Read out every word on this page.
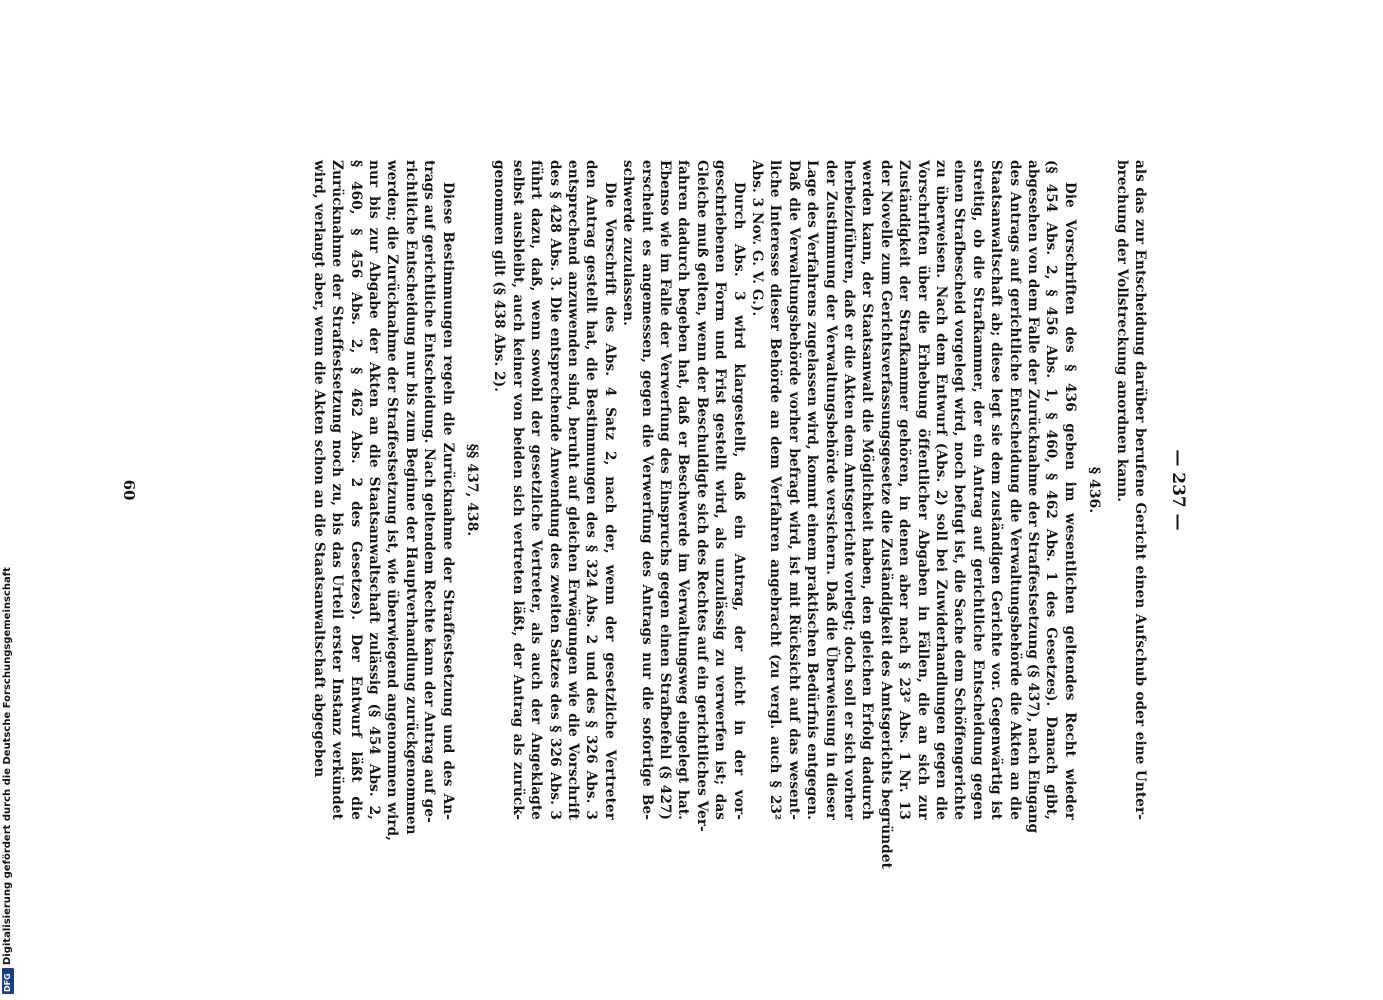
— 237 —
als das zur Entscheidung darüber berufene Gericht einen Aufschub oder eine Unter-
brechung der Vollstreckung anordnen kann.
§ 436.
Die Vorschriften des § 436 geben im wesentlichen geltendes Recht wieder
(§ 454 Abs. 2, § 456 Abs. 1, § 460, § 462 Abs. 1 des Gesetzes). Danach gibt,
abgesehen von dem Falle der Zurücknahme der Straffestsetzung (§ 437), nach Eingang
des Antrags auf gerichtliche Entscheidung die Verwaltungsbehörde die Akten an die
Staatsanwaltschaft ab; diese legt sie dem zuständigen Gerichte vor. Gegenwärtig ist
streitig, ob die Strafkammer, der ein Antrag auf gerichtliche Entscheidung gegen
einen Strafbescheid vorgelegt wird, noch befugt ist, die Sache dem Schöffengerichte
zu überweisen. Nach dem Entwurf (Abs. 2) soll bei Zuwiderhandlungen gegen die
Vorschriften über die Erhebung öffentlicher Abgaben in Fällen, die an sich zur
Zuständigkeit der Strafkammer gehören, in denen aber nach § 23² Abs. 1 Nr. 13
der Novelle zum Gerichtsverfassungsgesetze die Zuständigkeit des Amtsgerichts begründet
werden kann, der Staatsanwalt die Möglichkeit haben, den gleichen Erfolg dadurch
herbeizuführen, daß er die Akten dem Amtsgerichte vorlegt; doch soll er sich vorher
der Zustimmung der Verwaltungsbehörde versichern. Daß die Überweisung in dieser
Lage des Verfahrens zugelassen wird, kommt einem praktischen Bedürfnis entgegen.
Daß die Verwaltungsbehörde vorher befragt wird, ist mit Rücksicht auf das wesent-
liche Interesse dieser Behörde an dem Verfahren angebracht (zu vergl. auch § 23²
Abs. 3 Nov. G. V. G.).
Durch Abs. 3 wird klargestellt, daß ein Antrag, der nicht in der vor-
geschriebenen Form und Frist gestellt wird, als unzulässig zu verwerfen ist; das
Gleiche muß gelten, wenn der Beschuldigte sich des Rechtes auf ein gerichtliches Ver-
fahren dadurch begeben hat, daß er Beschwerde im Verwaltungsweg eingelegt hat.
Ebenso wie im Falle der Verwerfung des Einspruchs gegen einen Strafbefehl (§ 427)
erscheint es angemessen, gegen die Verwerfung des Antrags nur die sofortige Be-
schwerde zuzulassen.
Die Vorschrift des Abs. 4 Satz 2, nach der, wenn der gesetzliche Vertreter
den Antrag gestellt hat, die Bestimmungen des § 324 Abs. 2 und des § 326 Abs. 3
entsprechend anzuwenden sind, beruht auf gleichen Erwägungen wie die Vorschrift
des § 428 Abs. 3. Die entsprechende Anwendung des zweiten Satzes des § 326 Abs. 3
führt dazu, daß, wenn sowohl der gesetzliche Vertreter, als auch der Angeklagte
selbst ausbleibt, auch keiner von beiden sich vertreten läßt, der Antrag als zurück-
genommen gilt (§ 438 Abs. 2).
§§ 437, 438.
Diese Bestimmungen regeln die Zurücknahme der Straffestsetzung und des An-
trags auf gerichtliche Entscheidung. Nach geltendem Rechte kann der Antrag auf ge-
richtliche Entscheidung nur bis zum Beginne der Hauptverhandlung zurückgenommen
werden; die Zurücknahme der Straffestsetzung ist, wie überwiegend angenommen wird,
nur bis zur Abgabe der Akten an die Staatsanwaltschaft zulässig (§ 454 Abs. 2,
§ 460, § 456 Abs. 2, § 462 Abs. 2 des Gesetzes). Der Entwurf läßt die
Zurücknahme der Straffestsetzung noch zu, bis das Urteil erster Instanz verkündet
wird, verlangt aber, wenn die Akten schon an die Staatsanwaltschaft abgegeben
60
Digitalisierung gefördert durch die Deutsche Forschungsgemeinschaft
DFG
